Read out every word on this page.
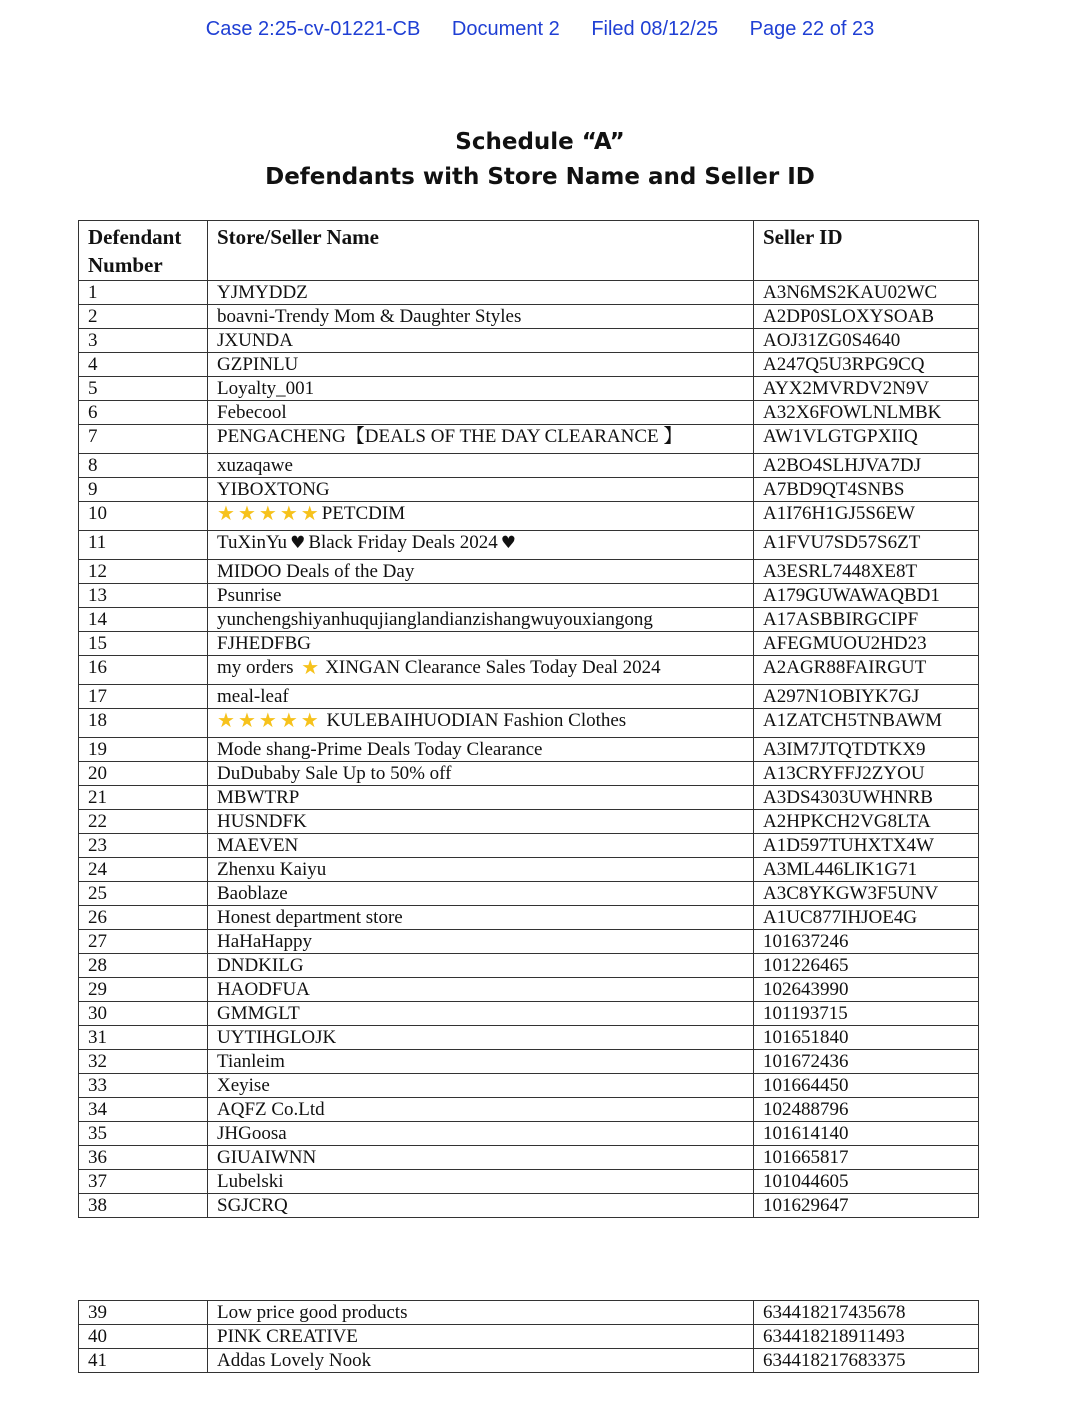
Case 2:25-cv-01221-CB Document 2 Filed 08/12/25 Page 22 of 23
Schedule “A”
Defendants with Store Name and Seller ID
Defendant
Number	Store/Seller Name	Seller ID
1	YJMYDDZ	A3N6MS2KAU02WC
2	boavni-Trendy Mom & Daughter Styles	A2DP0SLOXYSOAB
3	JXUNDA	AOJ31ZG0S4640
4	GZPINLU	A247Q5U3RPG9CQ
5	Loyalty_001	AYX2MVRDV2N9V
6	Febecool	A32X6FOWLNLMBK
7	PENGACHENG【DEALS OF THE DAY CLEARANCE 】	AW1VLGTGPXIIQ
8	xuzaqawe	A2BO4SLHJVA7DJ
9	YIBOXTONG	A7BD9QT4SNBS
10	★ ★ ★ ★ ★ PETCDIM	A1I76H1GJ5S6EW
11	TuXinYu ♥ Black Friday Deals 2024 ♥	A1FVU7SD57S6ZT
12	MIDOO Deals of the Day	A3ESRL7448XE8T
13	Psunrise	A179GUWAWAQBD1
14	yunchengshiyanhuqujianglandianzishangwuyouxiangong	A17ASBBIRGCIPF
15	FJHEDFBG	AFEGMUOU2HD23
16	my orders ★ XINGAN Clearance Sales Today Deal 2024	A2AGR88FAIRGUT
17	meal-leaf	A297N1OBIYK7GJ
18	★ ★ ★ ★ ★ KULEBAIHUODIAN Fashion Clothes	A1ZATCH5TNBAWM
19	Mode shang-Prime Deals Today Clearance	A3IM7JTQTDTKX9
20	DuDubaby Sale Up to 50% off	A13CRYFFJ2ZYOU
21	MBWTRP	A3DS4303UWHNRB
22	HUSNDFK	A2HPKCH2VG8LTA
23	MAEVEN	A1D597TUHXTX4W
24	Zhenxu Kaiyu	A3ML446LIK1G71
25	Baoblaze	A3C8YKGW3F5UNV
26	Honest department store	A1UC877IHJOE4G
27	HaHaHappy	101637246
28	DNDKILG	101226465
29	HAODFUA	102643990
30	GMMGLT	101193715
31	UYTIHGLOJK	101651840
32	Tianleim	101672436
33	Xeyise	101664450
34	AQFZ Co.Ltd	102488796
35	JHGoosa	101614140
36	GIUAIWNN	101665817
37	Lubelski	101044605
38	SGJCRQ	101629647
39	Low price good products	634418217435678
40	PINK CREATIVE	634418218911493
41	Addas Lovely Nook	634418217683375
